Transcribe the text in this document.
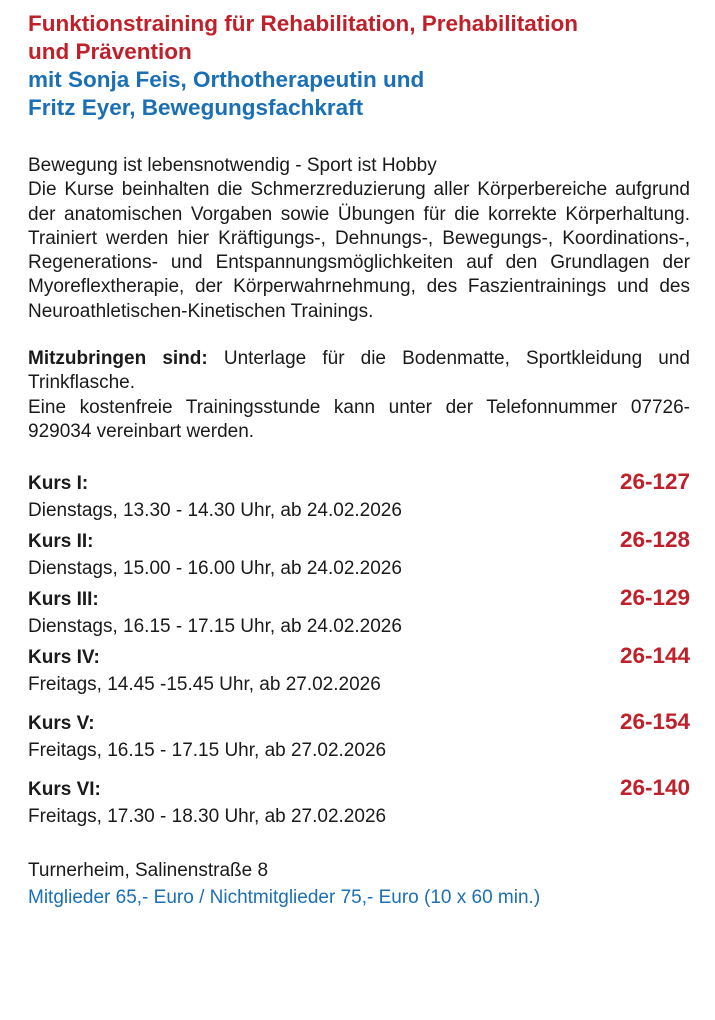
Funktionstraining für Rehabilitation, Prehabilitation

und Prävention

mit Sonja Feis, Orthotherapeutin und

Fritz Eyer, Bewegungsfachkraft

Bewegung ist lebensnotwendig - Sport ist Hobby

Die Kurse beinhalten die Schmerzreduzierung aller Körperbereiche aufgrund der anatomischen Vorgaben sowie Übungen für die korrekte Körperhaltung. Trainiert werden hier Kräftigungs-, Dehnungs-, Bewegungs-, Koordinations-, Regenerations- und Entspannungsmöglichkeiten auf den Grundlagen der Myoreflextherapie, der Körperwahrnehmung, des Faszientrainings und des Neuroathletischen-Kinetischen Trainings.

Mitzubringen sind: Unterlage für die Bodenmatte, Sportkleidung und Trinkflasche.

Eine kostenfreie Trainingsstunde kann unter der Telefonnummer 07726-929034 vereinbart werden.

Kurs I:	26-127
Dienstags, 13.30 - 14.30 Uhr, ab 24.02.2026
Kurs II:	26-128
Dienstags, 15.00 - 16.00 Uhr, ab 24.02.2026
Kurs III:	26-129
Dienstags, 16.15 - 17.15 Uhr, ab 24.02.2026
Kurs IV:	26-144
Freitags, 14.45 -15.45 Uhr, ab 27.02.2026
Kurs V:	26-154
Freitags, 16.15 - 17.15 Uhr, ab 27.02.2026
Kurs VI:	26-140
Freitags, 17.30 - 18.30 Uhr, ab 27.02.2026

Turnerheim, Salinenstraße 8

Mitglieder 65,- Euro / Nichtmitglieder 75,- Euro (10 x 60 min.)
